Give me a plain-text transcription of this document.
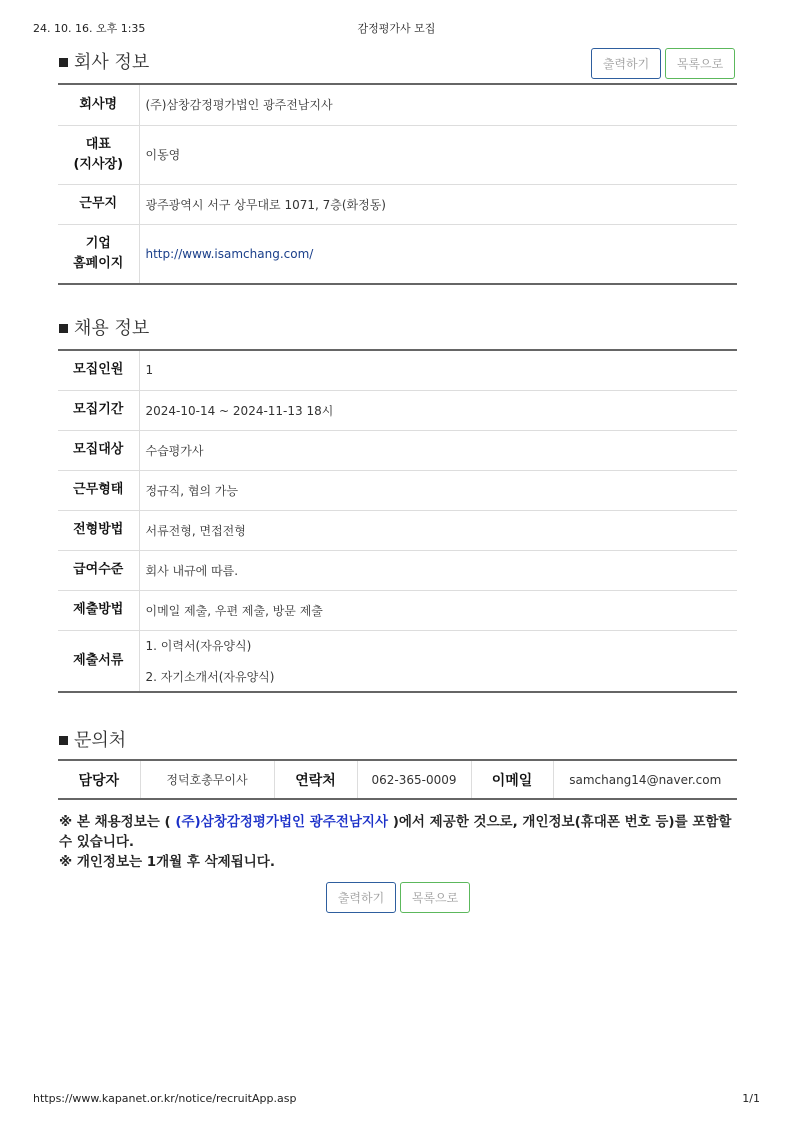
24. 10. 16. 오후 1:35	감정평가사 모집
회사 정보	출력하기	목록으로
회사명	(주)삼창감정평가법인 광주전남지사
대표
(지사장)	이동영
근무지	광주광역시 서구 상무대로 1071, 7층(화정동)
기업
홈페이지	http://www.isamchang.com/
채용 정보
모집인원	1
모집기간	2024-10-14 ~ 2024-11-13 18시
모집대상	수습평가사
근무형태	정규직, 협의 가능
전형방법	서류전형, 면접전형
급여수준	회사 내규에 따름.
제출방법	이메일 제출, 우편 제출, 방문 제출
제출서류	1. 이력서(자유양식)
2. 자기소개서(자유양식)
문의처
담당자	정덕호총무이사	연락처	062-365-0009	이메일	samchang14@naver.com
※ 본 채용정보는 ( (주)삼창감정평가법인 광주전남지사 )에서 제공한 것으로, 개인정보(휴대폰 번호 등)를 포함할 수 있습니다.
※ 개인정보는 1개월 후 삭제됩니다.
출력하기	목록으로
https://www.kapanet.or.kr/notice/recruitApp.asp	1/1
